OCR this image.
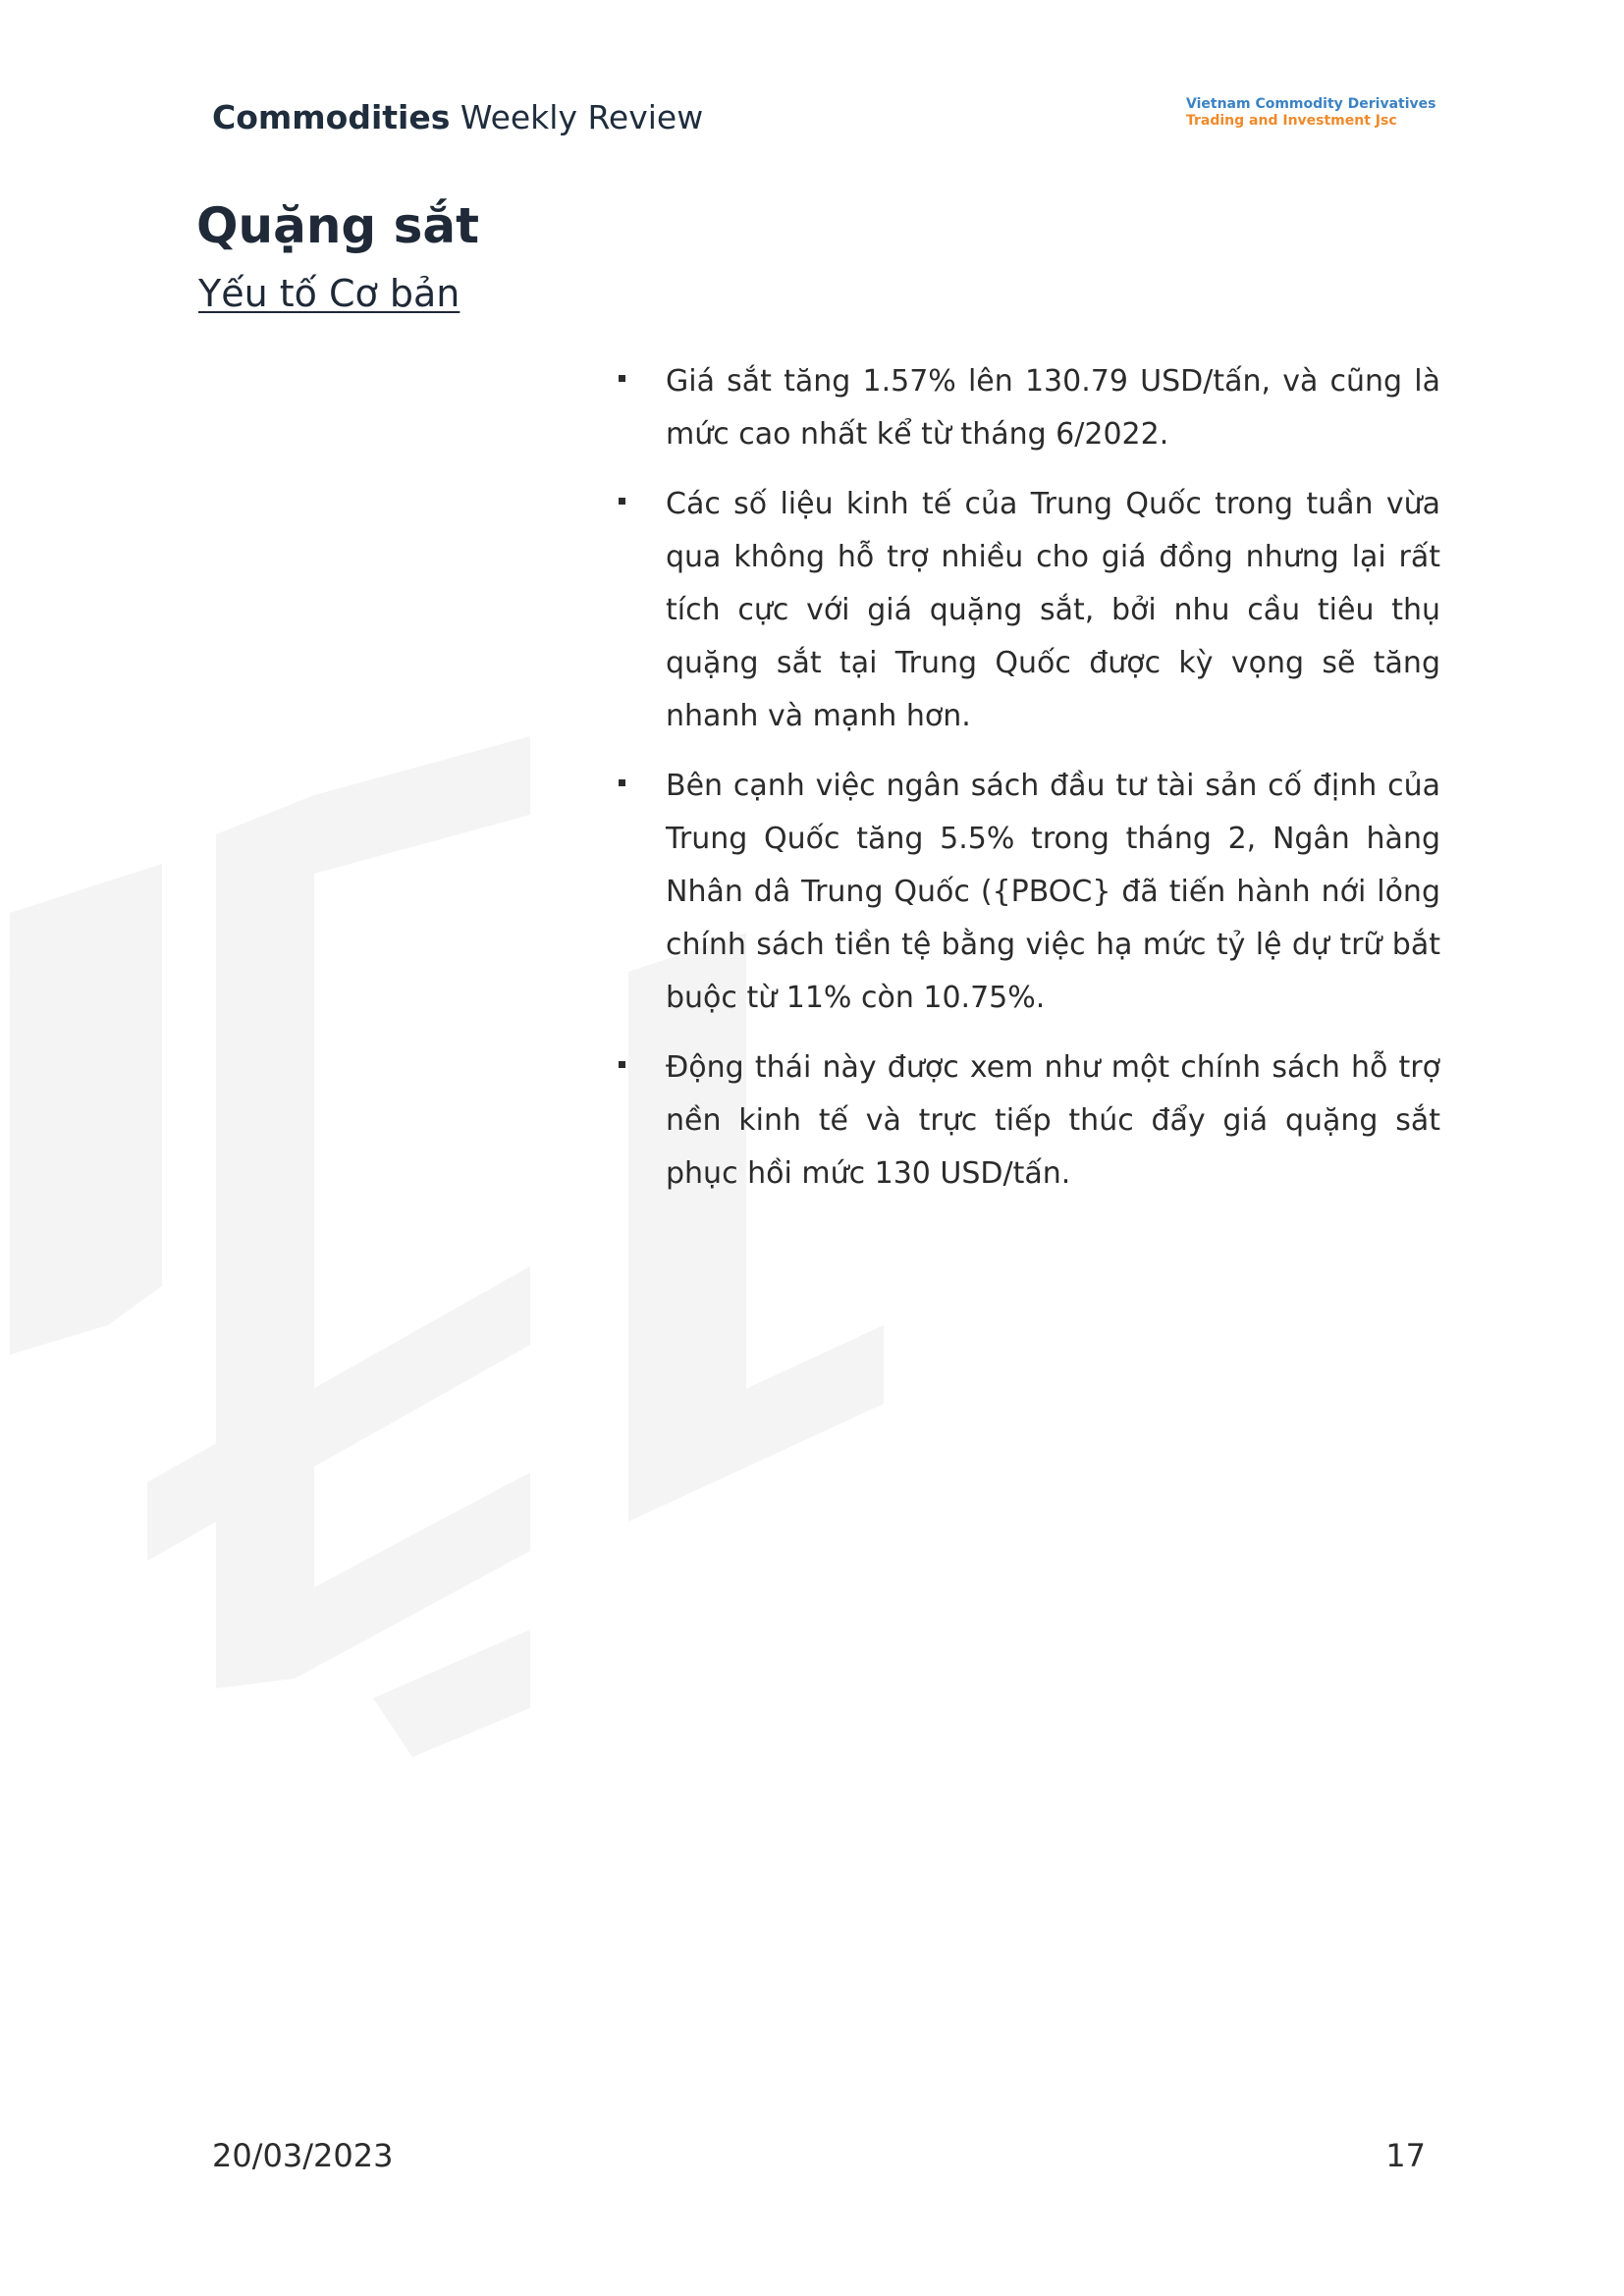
Commodities Weekly Review	Vietnam Commodity Derivatives
Trading and Investment Jsc
Quặng sắt
Yếu tố Cơ bản
Giá sắt tăng 1.57% lên 130.79 USD/tấn, và cũng là mức cao nhất kể từ tháng 6/2022.
Các số liệu kinh tế của Trung Quốc trong tuần vừa qua không hỗ trợ nhiều cho giá đồng nhưng lại rất tích cực với giá quặng sắt, bởi nhu cầu tiêu thụ quặng sắt tại Trung Quốc được kỳ vọng sẽ tăng nhanh và mạnh hơn.
Bên cạnh việc ngân sách đầu tư tài sản cố định của Trung Quốc tăng 5.5% trong tháng 2, Ngân hàng Nhân dâ Trung Quốc ({PBOC} đã tiến hành nới lỏng chính sách tiền tệ bằng việc hạ mức tỷ lệ dự trữ bắt buộc từ 11% còn 10.75%.
Động thái này được xem như một chính sách hỗ trợ nền kinh tế và trực tiếp thúc đẩy giá quặng sắt phục hồi mức 130 USD/tấn.
20/03/2023	17
